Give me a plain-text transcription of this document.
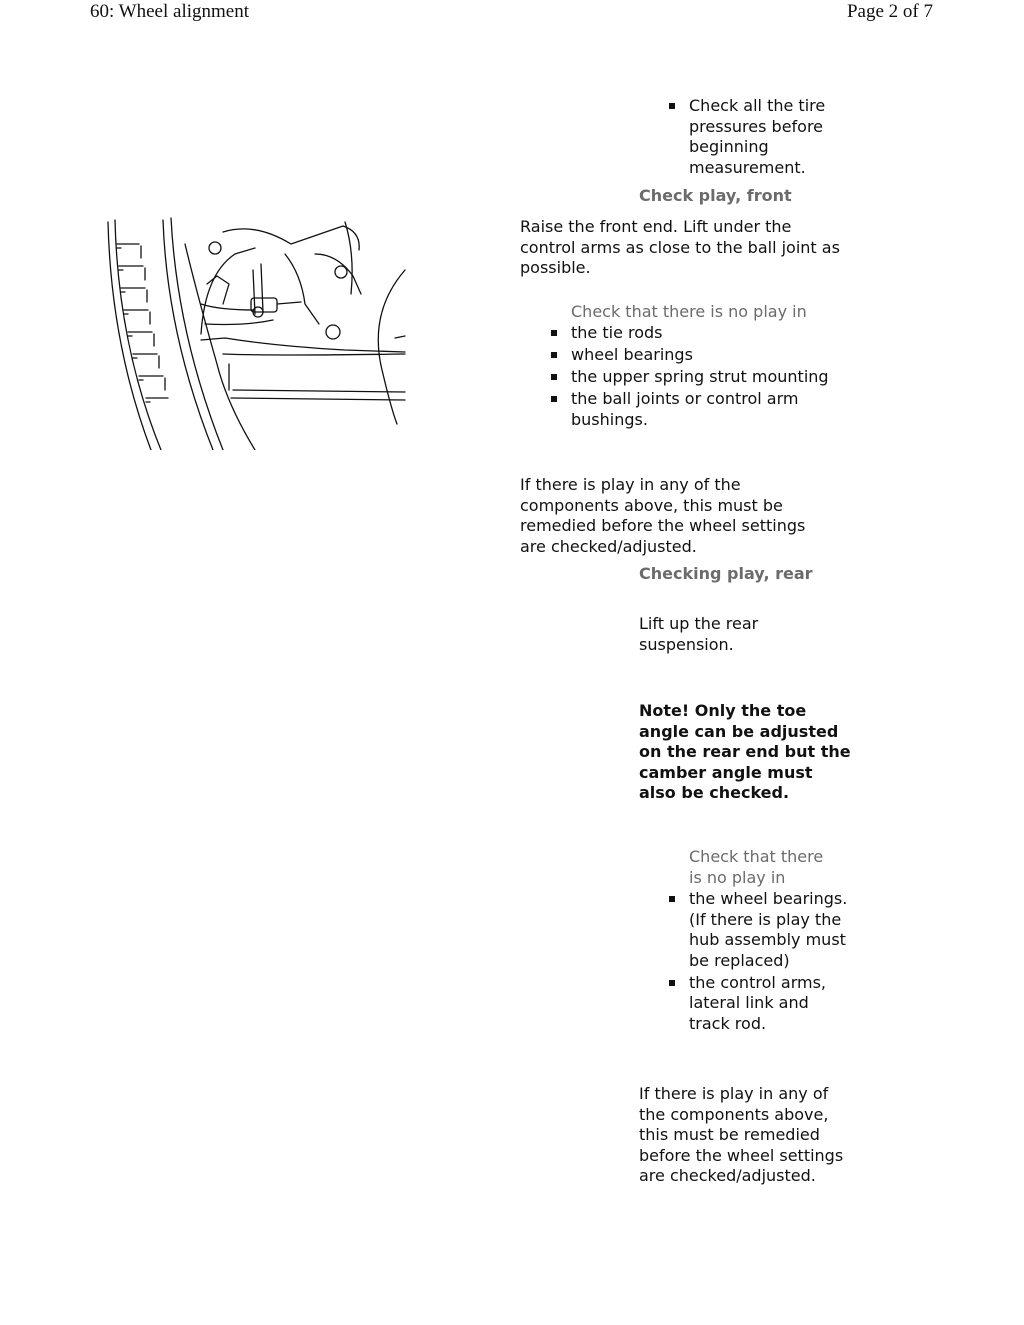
60: Wheel alignment	Page 2 of 7
Check all the tire pressures before beginning measurement.
Check play, front
Raise the front end. Lift under the control arms as close to the ball joint as possible.
Check that there is no play in
the tie rods
wheel bearings
the upper spring strut mounting
the ball joints or control arm bushings.
If there is play in any of the components above, this must be remedied before the wheel settings are checked/adjusted.
Checking play, rear
Lift up the rear suspension.
Note! Only the toe angle can be adjusted on the rear end but the camber angle must also be checked.
Check that there is no play in
the wheel bearings. (If there is play the hub assembly must be replaced)
the control arms, lateral link and track rod.
If there is play in any of the components above, this must be remedied before the wheel settings are checked/adjusted.
